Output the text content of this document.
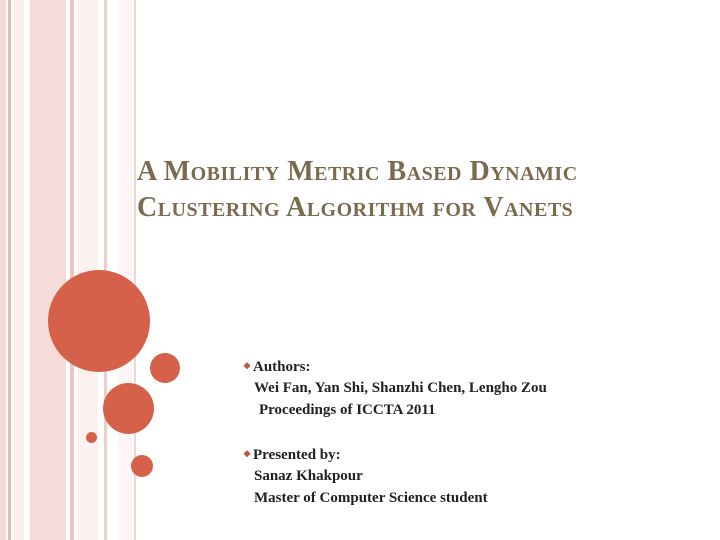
A Mobility Metric Based Dynamic
Clustering Algorithm for Vanets
❖ Authors:
Wei Fan, Yan Shi, Shanzhi Chen, Lengho Zou
Proceedings of ICCTA 2011
❖ Presented by:
Sanaz Khakpour
Master of Computer Science student
